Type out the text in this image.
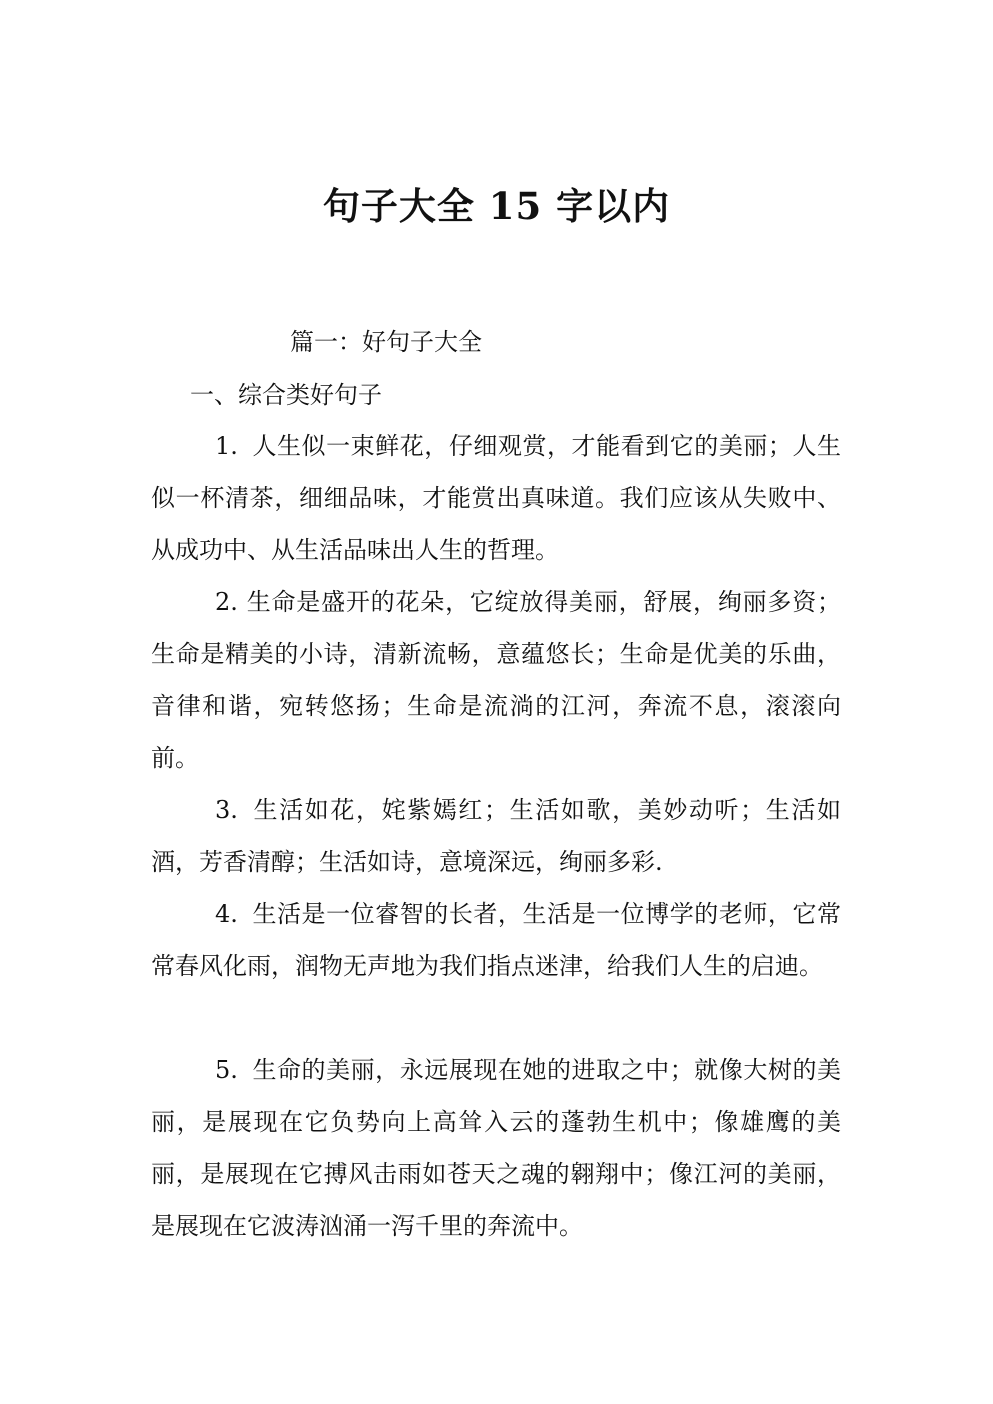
句子大全 15 字以内
篇一：好句子大全
一、综合类好句子

1. 人生似一束鲜花，仔细观赏，才能看到它的美丽；人生似一杯清茶，细细品味，才能赏出真味道。我们应该从失败中、从成功中、从生活品味出人生的哲理。

2. 生命是盛开的花朵，它绽放得美丽，舒展，绚丽多资；生命是精美的小诗，清新流畅，意蕴悠长；生命是优美的乐曲，音律和谐，宛转悠扬；生命是流淌的江河，奔流不息，滚滚向前。

3. 生活如花，姹紫嫣红；生活如歌，美妙动听；生活如酒，芳香清醇；生活如诗，意境深远，绚丽多彩.

4. 生活是一位睿智的长者，生活是一位博学的老师，它常常春风化雨，润物无声地为我们指点迷津，给我们人生的启迪。

5. 生命的美丽，永远展现在她的进取之中；就像大树的美丽，是展现在它负势向上高耸入云的蓬勃生机中；像雄鹰的美丽，是展现在它搏风击雨如苍天之魂的翱翔中；像江河的美丽，是展现在它波涛汹涌一泻千里的奔流中。
